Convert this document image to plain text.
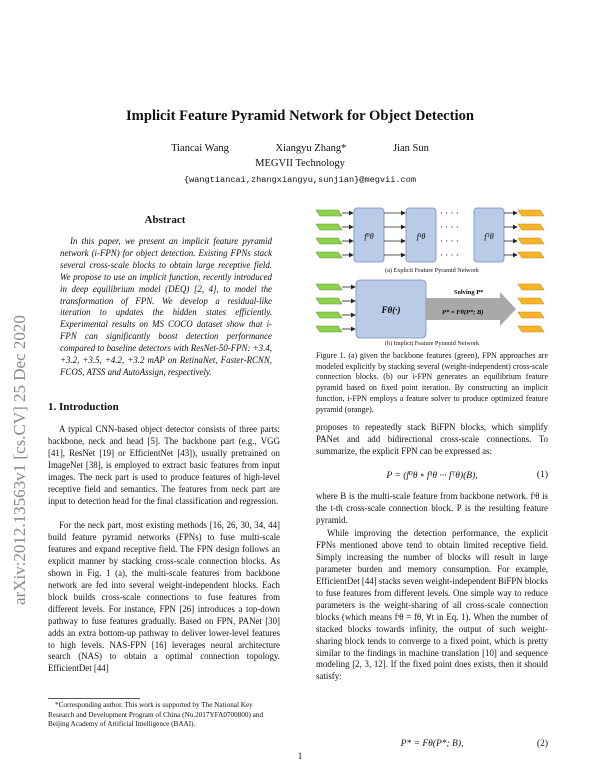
Implicit Feature Pyramid Network for Object Detection
Tiancai Wang	Xiangyu Zhang*	Jian Sun
MEGVII Technology
{wangtiancai,zhangxiangyu,sunjian}@megvii.com
arXiv:2012.13563v1 [cs.CV] 25 Dec 2020
Abstract
In this paper, we present an implicit feature pyramid network (i-FPN) for object detection. Existing FPNs stack several cross-scale blocks to obtain large receptive field. We propose to use an implicit function, recently introduced in deep equilibrium model (DEQ) [2, 4], to model the transformation of FPN. We develop a residual-like iteration to updates the hidden states efficiently. Experimental results on MS COCO dataset show that i-FPN can significantly boost detection performance compared to baseline detectors with ResNet-50-FPN: +3.4, +3.2, +3.5, +4.2, +3.2 mAP on RetinaNet, Faster-RCNN, FCOS, ATSS and AutoAssign, respectively.
1. Introduction
A typical CNN-based object detector consists of three parts: backbone, neck and head [5]. The backbone part (e.g., VGG [41], ResNet [19] or EfficientNet [43]), usually pretrained on ImageNet [38], is employed to extract basic features from input images. The neck part is used to produce features of high-level receptive field and semantics. The features from neck part are input to detection head for the final classification and regression.
For the neck part, most existing methods [16, 26, 30, 34, 44] build feature pyramid networks (FPNs) to fuse multi-scale features and expand receptive field. The FPN design follows an explicit manner by stacking cross-scale connection blocks. As shown in Fig. 1 (a), the multi-scale features from backbone network are fed into several weight-independent blocks. Each block builds cross-scale connections to fuse features from different levels. For instance, FPN [26] introduces a top-down pathway to fuse features gradually. Based on FPN, PANet [30] adds an extra bottom-up pathway to deliver lower-level features to high levels. NAS-FPN [16] leverages neural architecture search (NAS) to obtain a optimal connection topology. EfficientDet [44]
*Corresponding author. This work is supported by The National Key Research and Development Program of China (No.2017YFA0700800) and Beijing Academy of Artificial Intelligence (BAAI).
f⁰θ	f¹θ	fᵀθ
· · · ·
· · · ·
· · · ·
· · · ·
Fθ(·)
Solving P*
P* = Fθ(P*; B)
(a) Explicit Feature Pyramid Network
(b) Implicit Feature Pyramid Network
Figure 1. (a) given the backbone features (green), FPN approaches are modeled explicitly by stacking several (weight-independent) cross-scale connection blocks. (b) our i-FPN generates an equilibrium feature pyramid based on fixed point iteration. By constructing an implicit function, i-FPN employs a feature solver to produce optimized feature pyramid (orange).
proposes to repeatedly stack BiFPN blocks, which simplify PANet and add bidirectional cross-scale connections. To summarize, the explicit FPN can be expressed as:
P = (f⁰θ ∘ f¹θ ··· fᵀθ)(B),	(1)
where B is the multi-scale feature from backbone network. fᵗθ is the t-th cross-scale connection block. P is the resulting feature pyramid.
While improving the detection performance, the explicit FPNs mentioned above tend to obtain limited receptive field. Simply increasing the number of blocks will result in large parameter burden and memory consumption. For example, EfficientDet [44] stacks seven weight-independent BiFPN blocks to fuse features from different levels. One simple way to reduce parameters is the weight-sharing of all cross-scale connection blocks (which means fᵗθ = fθ, ∀t in Eq. 1). When the number of stacked blocks towards infinity, the output of such weight-sharing block tends to converge to a fixed point, which is pretty similar to the findings in machine translation [10] and sequence modeling [2, 3, 12]. If the fixed point does exists, then it should satisfy:
P* = Fθ(P*; B),	(2)
1
